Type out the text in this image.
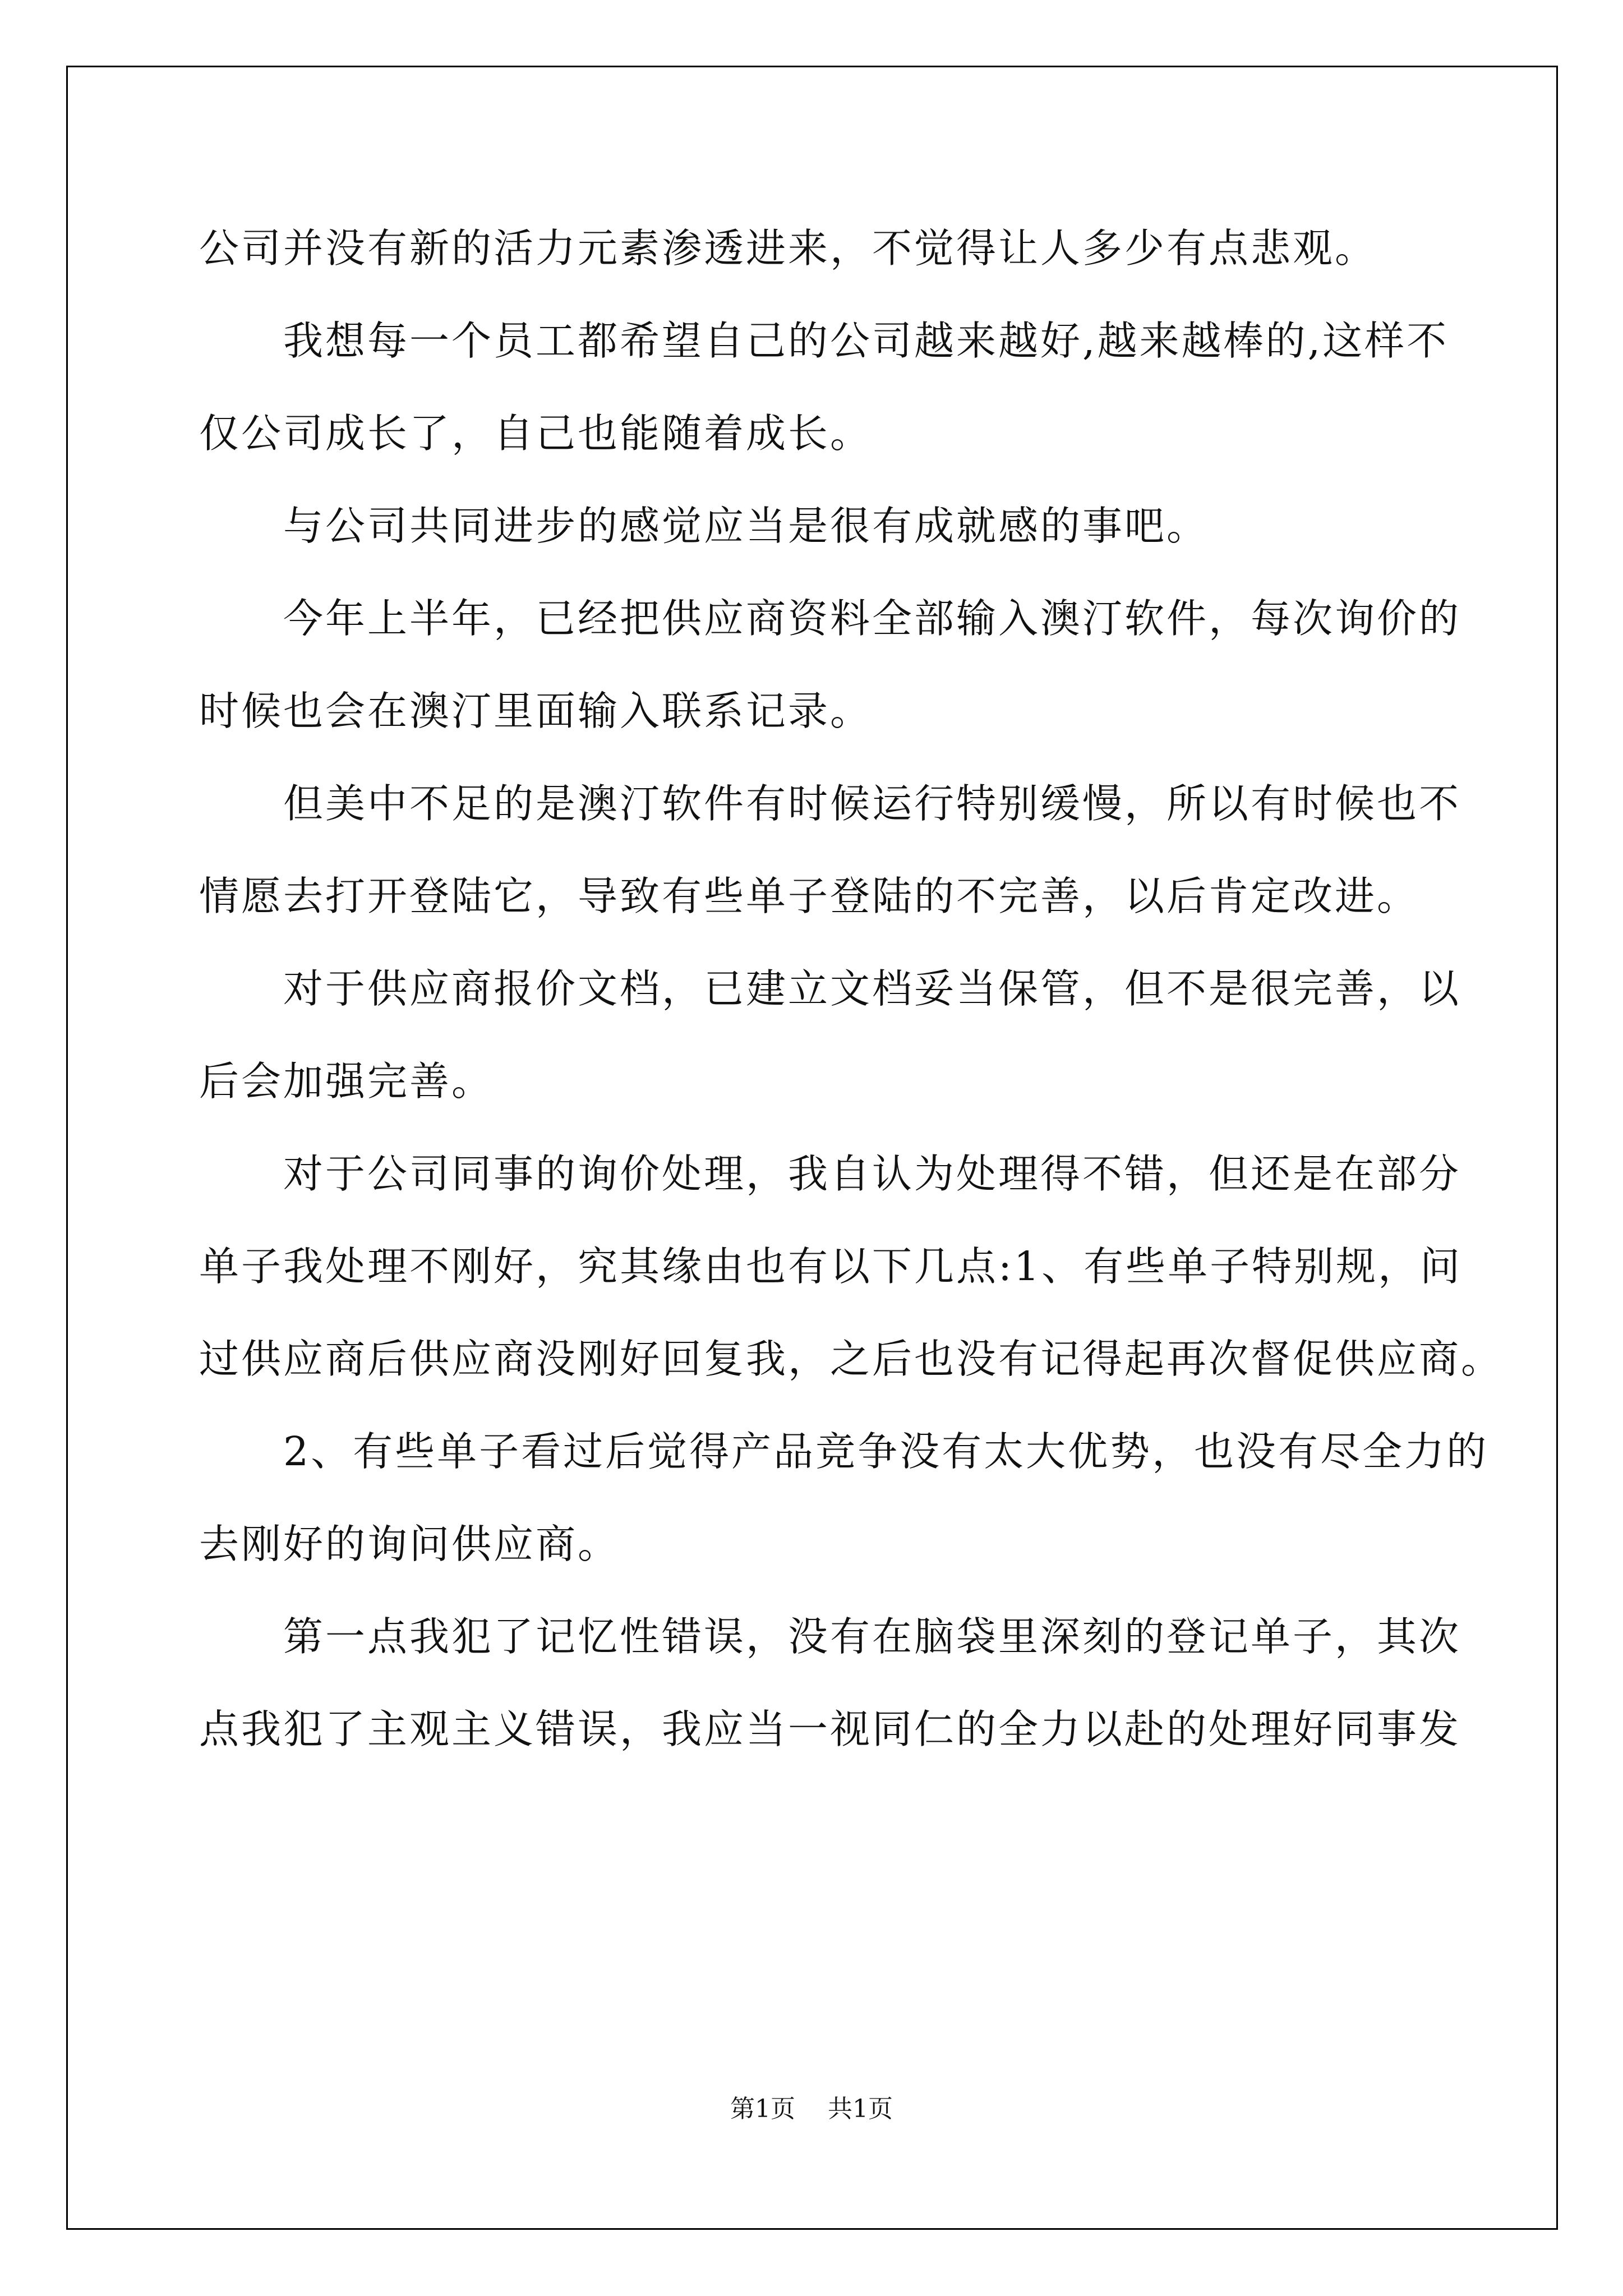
公司并没有新的活力元素渗透进来，不觉得让人多少有点悲观。

　　我想每一个员工都希望自己的公司越来越好,越来越棒的,这样不

仅公司成长了，自己也能随着成长。

　　与公司共同进步的感觉应当是很有成就感的事吧。

　　今年上半年，已经把供应商资料全部输入澳汀软件，每次询价的

时候也会在澳汀里面输入联系记录。

　　但美中不足的是澳汀软件有时候运行特别缓慢，所以有时候也不

情愿去打开登陆它，导致有些单子登陆的不完善，以后肯定改进。

　　对于供应商报价文档，已建立文档妥当保管，但不是很完善，以

后会加强完善。

　　对于公司同事的询价处理，我自认为处理得不错，但还是在部分

单子我处理不刚好，究其缘由也有以下几点:1、有些单子特别规，问

过供应商后供应商没刚好回复我，之后也没有记得起再次督促供应商。

　　2、有些单子看过后觉得产品竞争没有太大优势，也没有尽全力的

去刚好的询问供应商。

　　第一点我犯了记忆性错误，没有在脑袋里深刻的登记单子，其次

点我犯了主观主义错误，我应当一视同仁的全力以赴的处理好同事发

第1页 共1页
